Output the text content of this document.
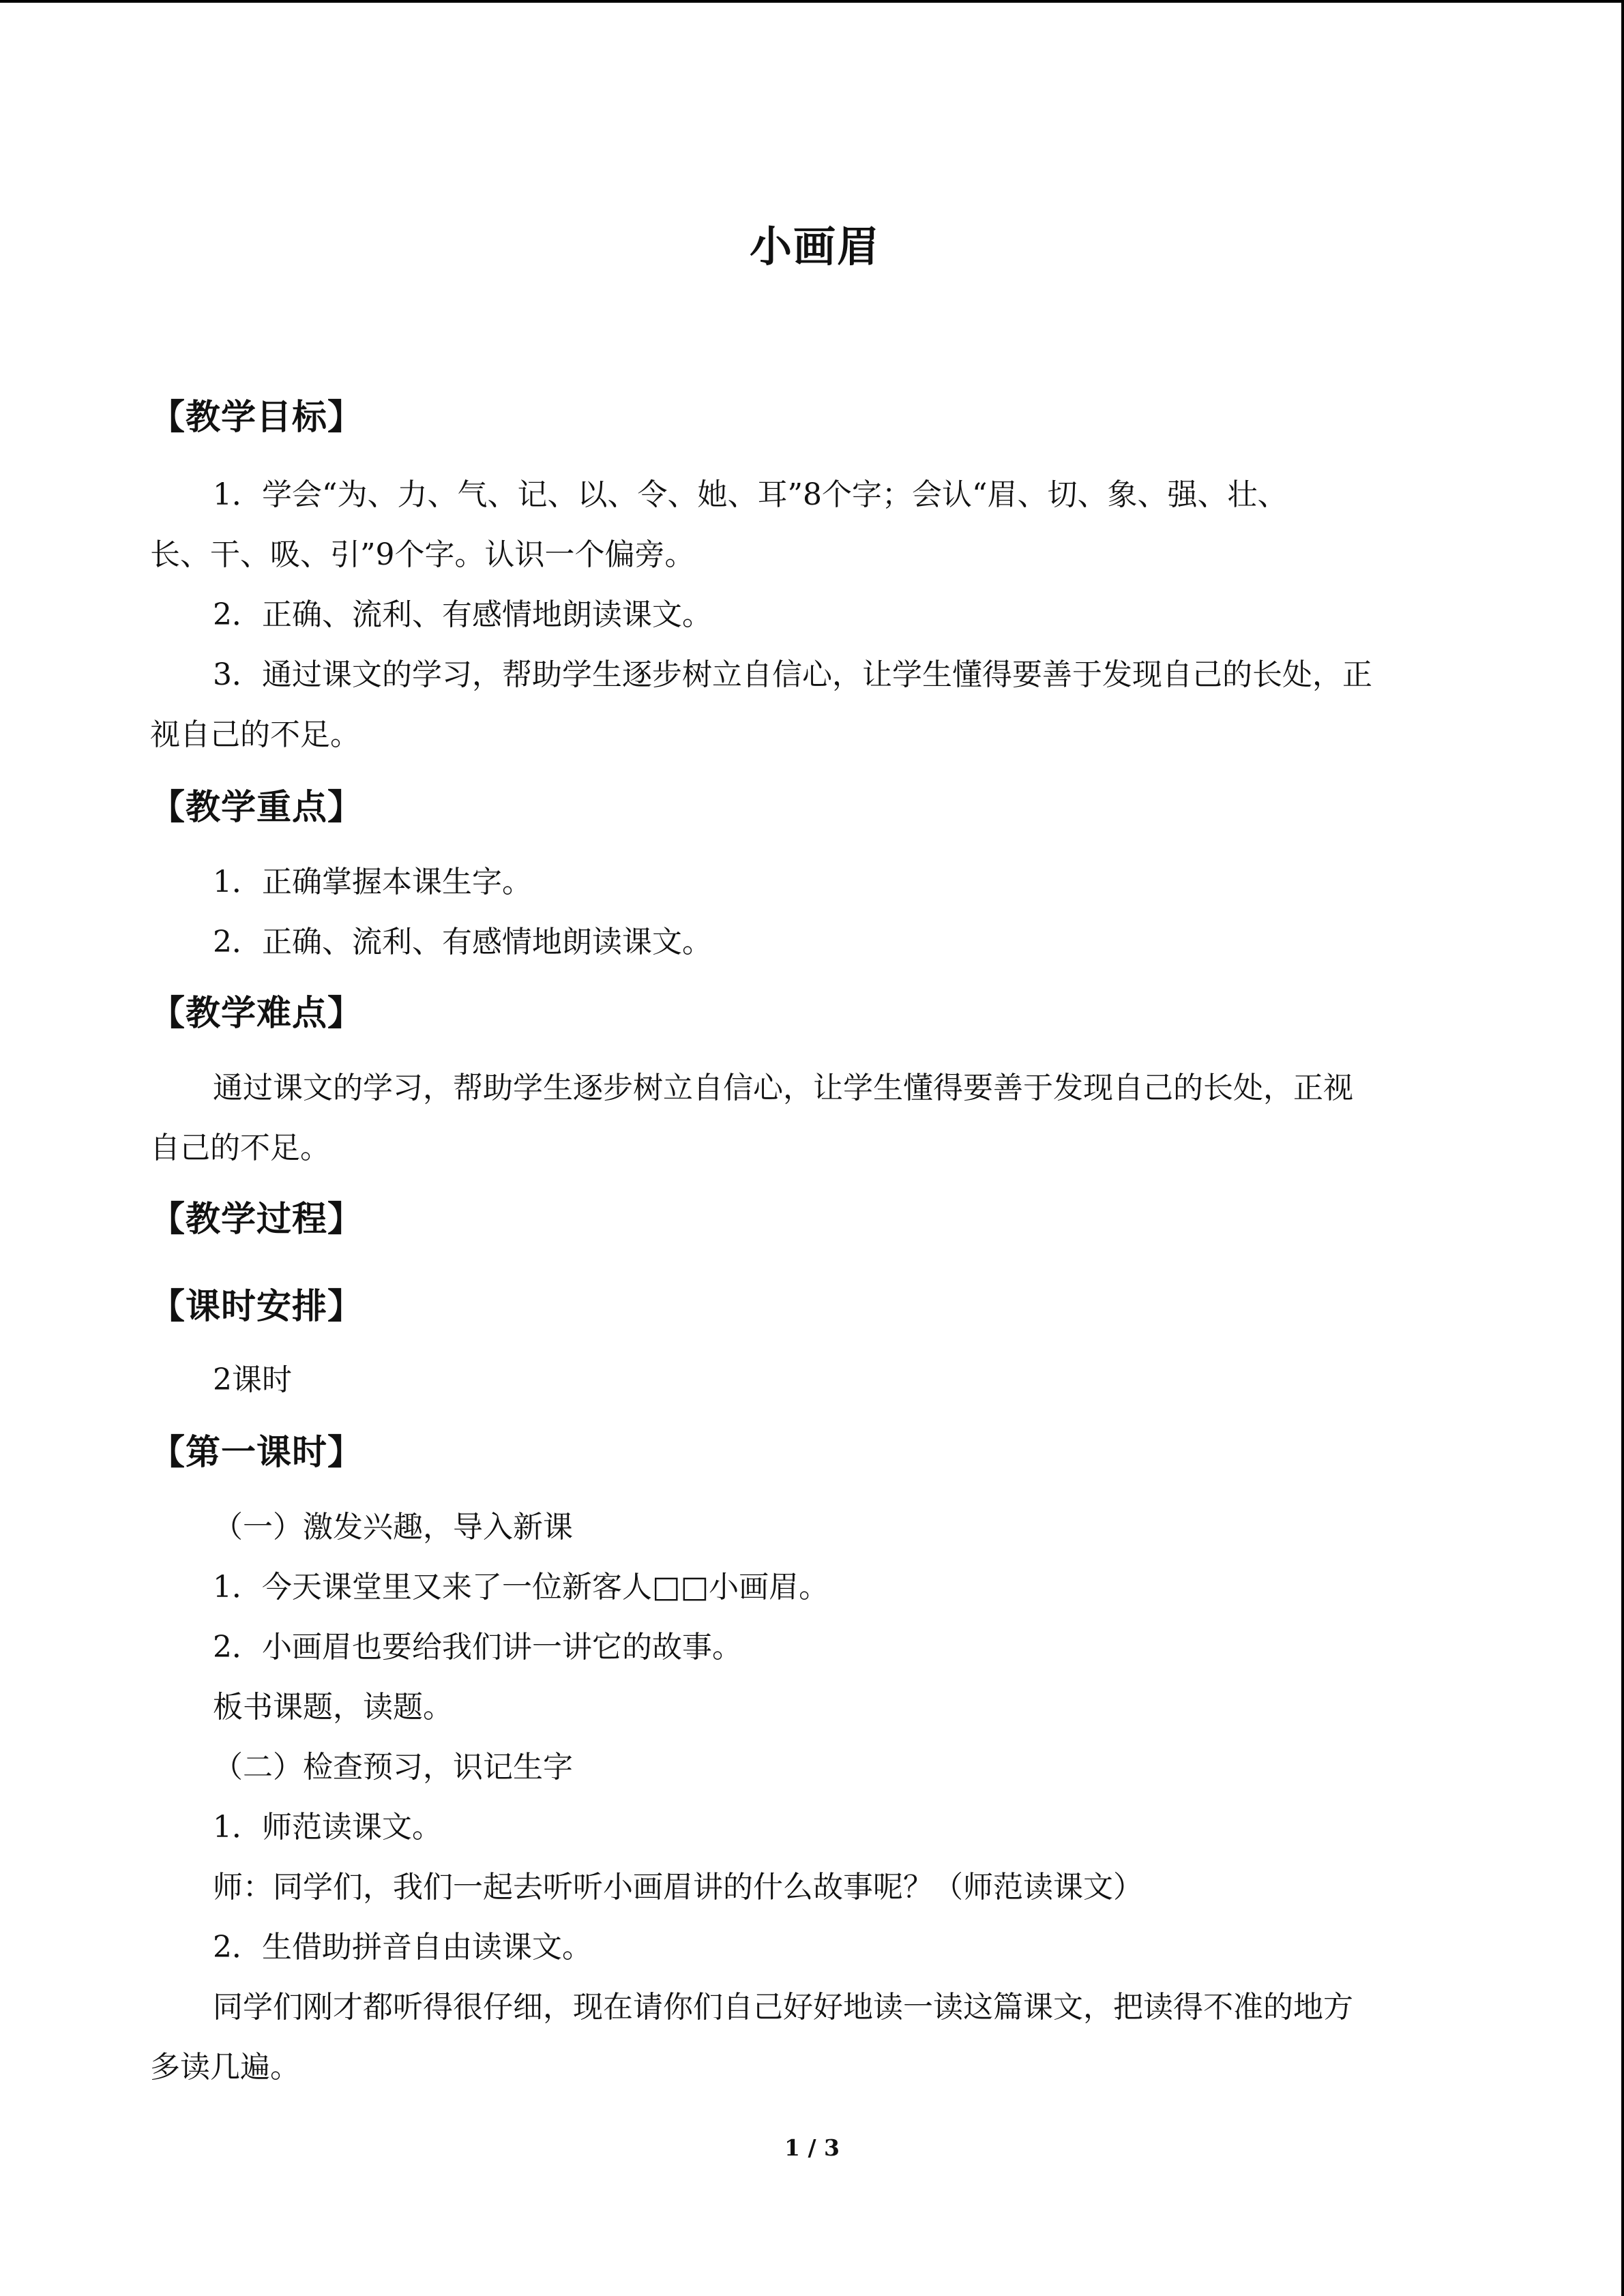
小画眉
【教学目标】
1．学会“为、力、气、记、以、令、她、耳”8个字；会认“眉、切、象、强、壮、
长、干、吸、引”9个字。认识一个偏旁。
2．正确、流利、有感情地朗读课文。
3．通过课文的学习，帮助学生逐步树立自信心，让学生懂得要善于发现自己的长处，正
视自己的不足。
【教学重点】
1．正确掌握本课生字。
2．正确、流利、有感情地朗读课文。
【教学难点】
通过课文的学习，帮助学生逐步树立自信心，让学生懂得要善于发现自己的长处，正视
自己的不足。
【教学过程】
【课时安排】
2课时
【第一课时】
（一）激发兴趣，导入新课
1．今天课堂里又来了一位新客人□□小画眉。
2．小画眉也要给我们讲一讲它的故事。
板书课题，读题。
（二）检查预习，识记生字
1．师范读课文。
师：同学们，我们一起去听听小画眉讲的什么故事呢？（师范读课文）
2．生借助拼音自由读课文。
同学们刚才都听得很仔细，现在请你们自己好好地读一读这篇课文，把读得不准的地方
多读几遍。
1 / 3
